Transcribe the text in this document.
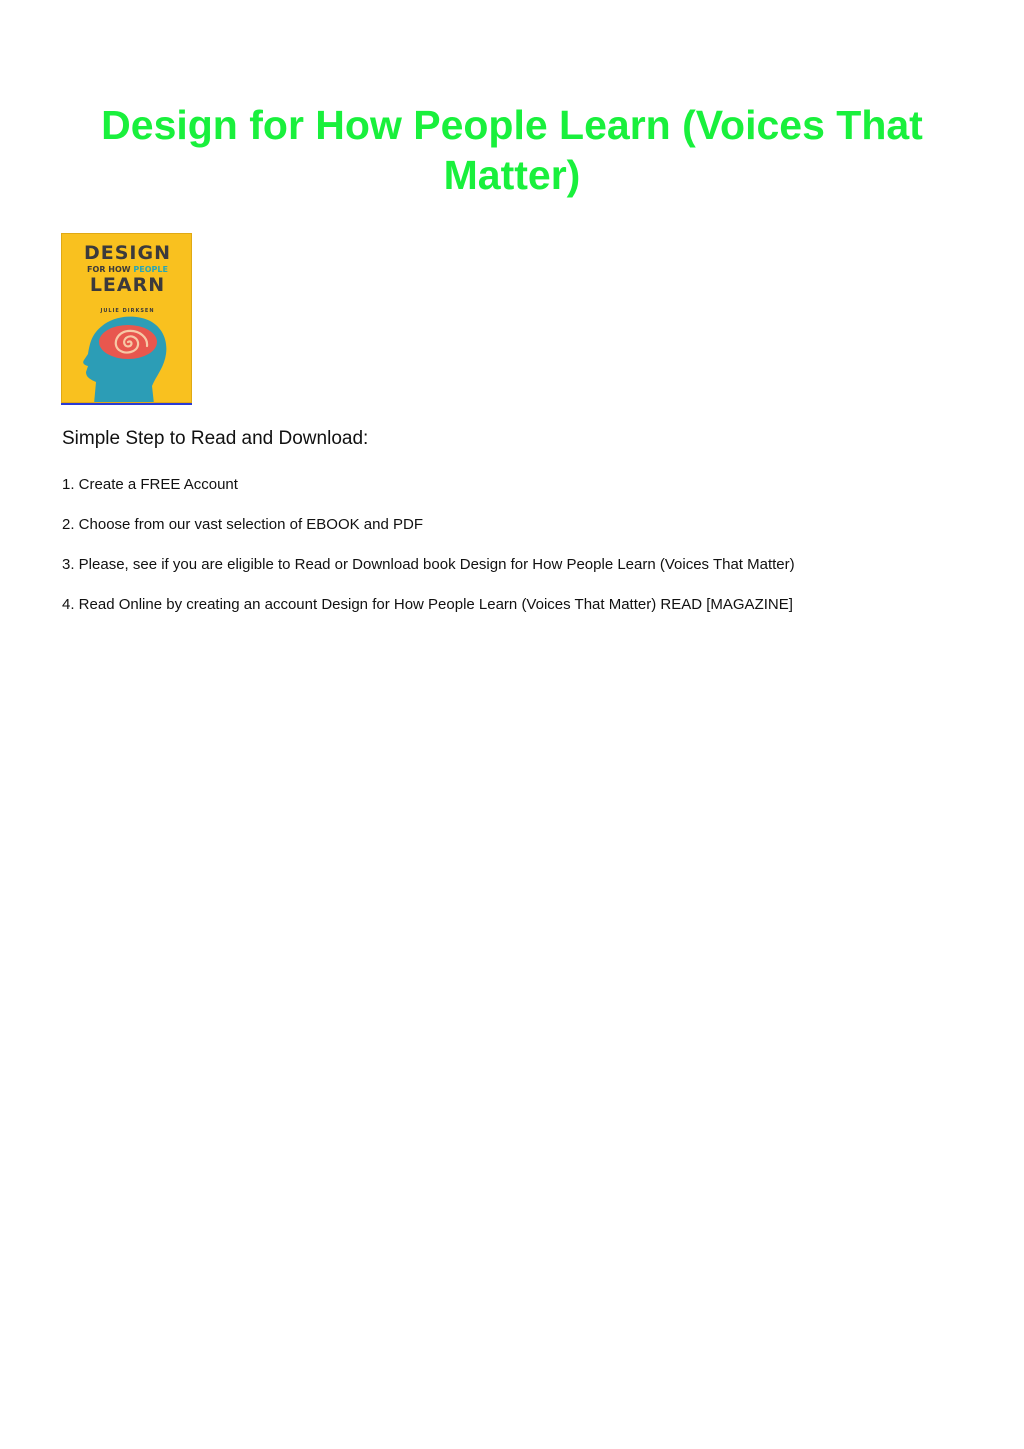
Design for How People Learn (Voices That Matter)
DESIGN
FOR HOW PEOPLE
LEARN
JULIE DIRKSEN
Simple Step to Read and Download:
1. Create a FREE Account
2. Choose from our vast selection of EBOOK and PDF
3. Please, see if you are eligible to Read or Download book Design for How People Learn (Voices That Matter)
4. Read Online by creating an account Design for How People Learn (Voices That Matter) READ [MAGAZINE]
